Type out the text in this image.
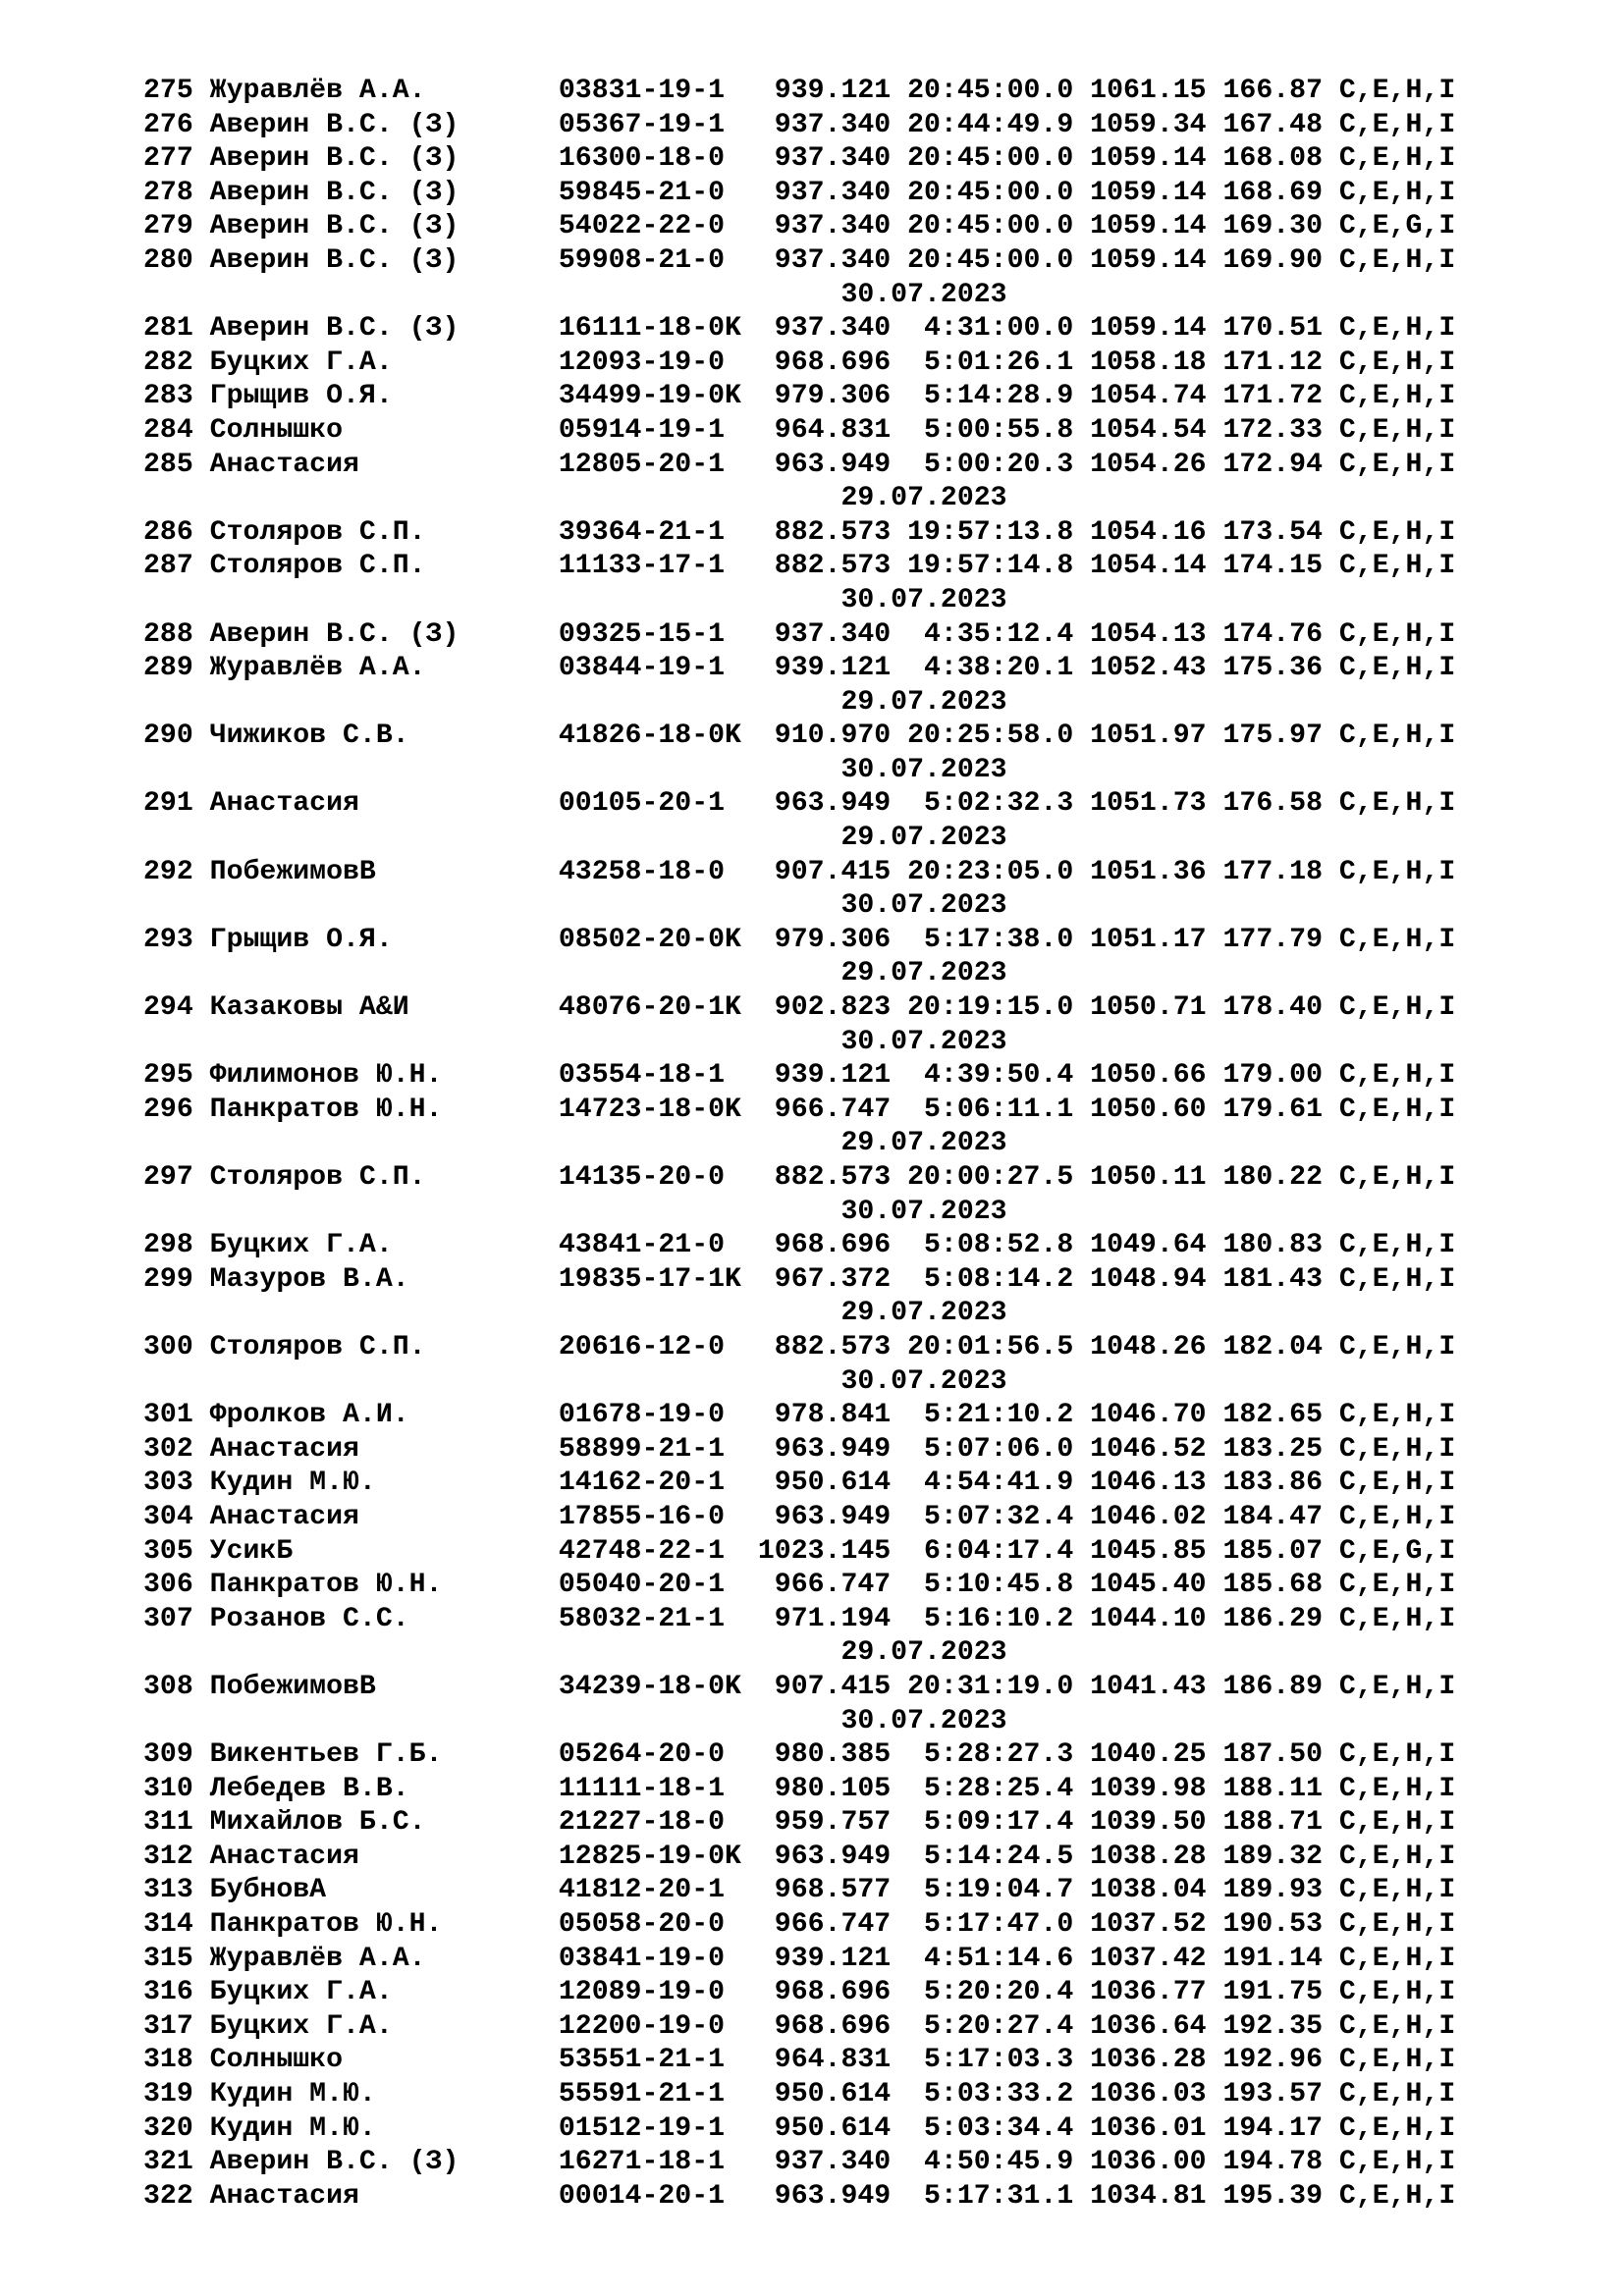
275 Журавлёв А.А.        03831-19-1   939.121 20:45:00.0 1061.15 166.87 C,E,H,I
276 Аверин В.С. (З)      05367-19-1   937.340 20:44:49.9 1059.34 167.48 C,E,H,I
277 Аверин В.С. (З)      16300-18-0   937.340 20:45:00.0 1059.14 168.08 C,E,H,I
278 Аверин В.С. (З)      59845-21-0   937.340 20:45:00.0 1059.14 168.69 C,E,H,I
279 Аверин В.С. (З)      54022-22-0   937.340 20:45:00.0 1059.14 169.30 C,E,G,I
280 Аверин В.С. (З)      59908-21-0   937.340 20:45:00.0 1059.14 169.90 C,E,H,I
30.07.2023
281 Аверин В.С. (З)      16111-18-0K  937.340  4:31:00.0 1059.14 170.51 C,E,H,I
282 Буцких Г.А.          12093-19-0   968.696  5:01:26.1 1058.18 171.12 C,E,H,I
283 Грыщив О.Я.          34499-19-0K  979.306  5:14:28.9 1054.74 171.72 C,E,H,I
284 Солнышко             05914-19-1   964.831  5:00:55.8 1054.54 172.33 C,E,H,I
285 Анастасия            12805-20-1   963.949  5:00:20.3 1054.26 172.94 C,E,H,I
29.07.2023
286 Столяров С.П.        39364-21-1   882.573 19:57:13.8 1054.16 173.54 C,E,H,I
287 Столяров С.П.        11133-17-1   882.573 19:57:14.8 1054.14 174.15 C,E,H,I
30.07.2023
288 Аверин В.С. (З)      09325-15-1   937.340  4:35:12.4 1054.13 174.76 C,E,H,I
289 Журавлёв А.А.        03844-19-1   939.121  4:38:20.1 1052.43 175.36 C,E,H,I
29.07.2023
290 Чижиков С.В.         41826-18-0K  910.970 20:25:58.0 1051.97 175.97 C,E,H,I
30.07.2023
291 Анастасия            00105-20-1   963.949  5:02:32.3 1051.73 176.58 C,E,H,I
29.07.2023
292 ПобежимовВ           43258-18-0   907.415 20:23:05.0 1051.36 177.18 C,E,H,I
30.07.2023
293 Грыщив О.Я.          08502-20-0K  979.306  5:17:38.0 1051.17 177.79 C,E,H,I
29.07.2023
294 Казаковы А&И         48076-20-1K  902.823 20:19:15.0 1050.71 178.40 C,E,H,I
30.07.2023
295 Филимонов Ю.Н.       03554-18-1   939.121  4:39:50.4 1050.66 179.00 C,E,H,I
296 Панкратов Ю.Н.       14723-18-0K  966.747  5:06:11.1 1050.60 179.61 C,E,H,I
29.07.2023
297 Столяров С.П.        14135-20-0   882.573 20:00:27.5 1050.11 180.22 C,E,H,I
30.07.2023
298 Буцких Г.А.          43841-21-0   968.696  5:08:52.8 1049.64 180.83 C,E,H,I
299 Мазуров В.А.         19835-17-1K  967.372  5:08:14.2 1048.94 181.43 C,E,H,I
29.07.2023
300 Столяров С.П.        20616-12-0   882.573 20:01:56.5 1048.26 182.04 C,E,H,I
30.07.2023
301 Фролков А.И.         01678-19-0   978.841  5:21:10.2 1046.70 182.65 C,E,H,I
302 Анастасия            58899-21-1   963.949  5:07:06.0 1046.52 183.25 C,E,H,I
303 Кудин М.Ю.           14162-20-1   950.614  4:54:41.9 1046.13 183.86 C,E,H,I
304 Анастасия            17855-16-0   963.949  5:07:32.4 1046.02 184.47 C,E,H,I
305 УсикБ                42748-22-1  1023.145  6:04:17.4 1045.85 185.07 C,E,G,I
306 Панкратов Ю.Н.       05040-20-1   966.747  5:10:45.8 1045.40 185.68 C,E,H,I
307 Розанов С.С.         58032-21-1   971.194  5:16:10.2 1044.10 186.29 C,E,H,I
29.07.2023
308 ПобежимовВ           34239-18-0K  907.415 20:31:19.0 1041.43 186.89 C,E,H,I
30.07.2023
309 Викентьев Г.Б.       05264-20-0   980.385  5:28:27.3 1040.25 187.50 C,E,H,I
310 Лебедев В.В.         11111-18-1   980.105  5:28:25.4 1039.98 188.11 C,E,H,I
311 Михайлов Б.С.        21227-18-0   959.757  5:09:17.4 1039.50 188.71 C,E,H,I
312 Анастасия            12825-19-0K  963.949  5:14:24.5 1038.28 189.32 C,E,H,I
313 БубновА              41812-20-1   968.577  5:19:04.7 1038.04 189.93 C,E,H,I
314 Панкратов Ю.Н.       05058-20-0   966.747  5:17:47.0 1037.52 190.53 C,E,H,I
315 Журавлёв А.А.        03841-19-0   939.121  4:51:14.6 1037.42 191.14 C,E,H,I
316 Буцких Г.А.          12089-19-0   968.696  5:20:20.4 1036.77 191.75 C,E,H,I
317 Буцких Г.А.          12200-19-0   968.696  5:20:27.4 1036.64 192.35 C,E,H,I
318 Солнышко             53551-21-1   964.831  5:17:03.3 1036.28 192.96 C,E,H,I
319 Кудин М.Ю.           55591-21-1   950.614  5:03:33.2 1036.03 193.57 C,E,H,I
320 Кудин М.Ю.           01512-19-1   950.614  5:03:34.4 1036.01 194.17 C,E,H,I
321 Аверин В.С. (З)      16271-18-1   937.340  4:50:45.9 1036.00 194.78 C,E,H,I
322 Анастасия            00014-20-1   963.949  5:17:31.1 1034.81 195.39 C,E,H,I
